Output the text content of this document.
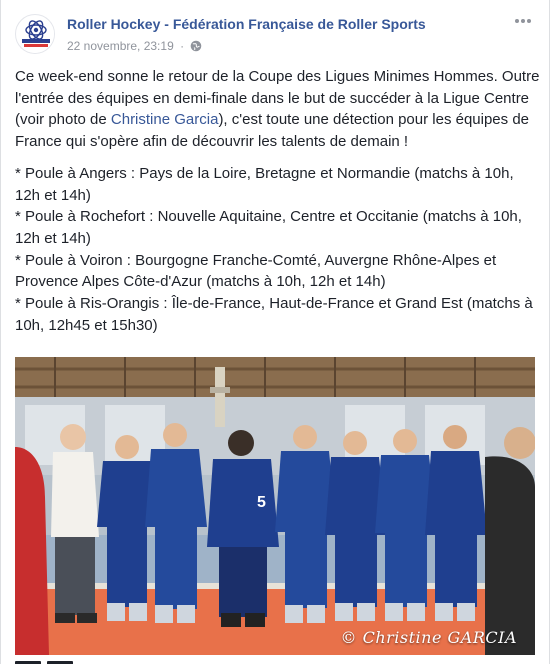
Roller Hockey - Fédération Française de Roller Sports
22 novembre, 23:19 ·

Ce week-end sonne le retour de la Coupe des Ligues Minimes Hommes. Outre l'entrée des équipes en demi-finale dans le but de succéder à la Ligue Centre (voir photo de Christine Garcia), c'est toute une détection pour les équipes de France qui s'opère afin de découvrir les talents de demain !

* Poule à Angers : Pays de la Loire, Bretagne et Normandie (matchs à 10h, 12h et 14h)
* Poule à Rochefort : Nouvelle Aquitaine, Centre et Occitanie (matchs à 10h, 12h et 14h)
* Poule à Voiron : Bourgogne Franche-Comté, Auvergne Rhône-Alpes et Provence Alpes Côte-d'Azur (matchs à 10h, 12h et 14h)
* Poule à Ris-Orangis : Île-de-France, Haut-de-France et Grand Est (matchs à 10h, 12h45 et 15h30)
5
© Christine GARCIA
